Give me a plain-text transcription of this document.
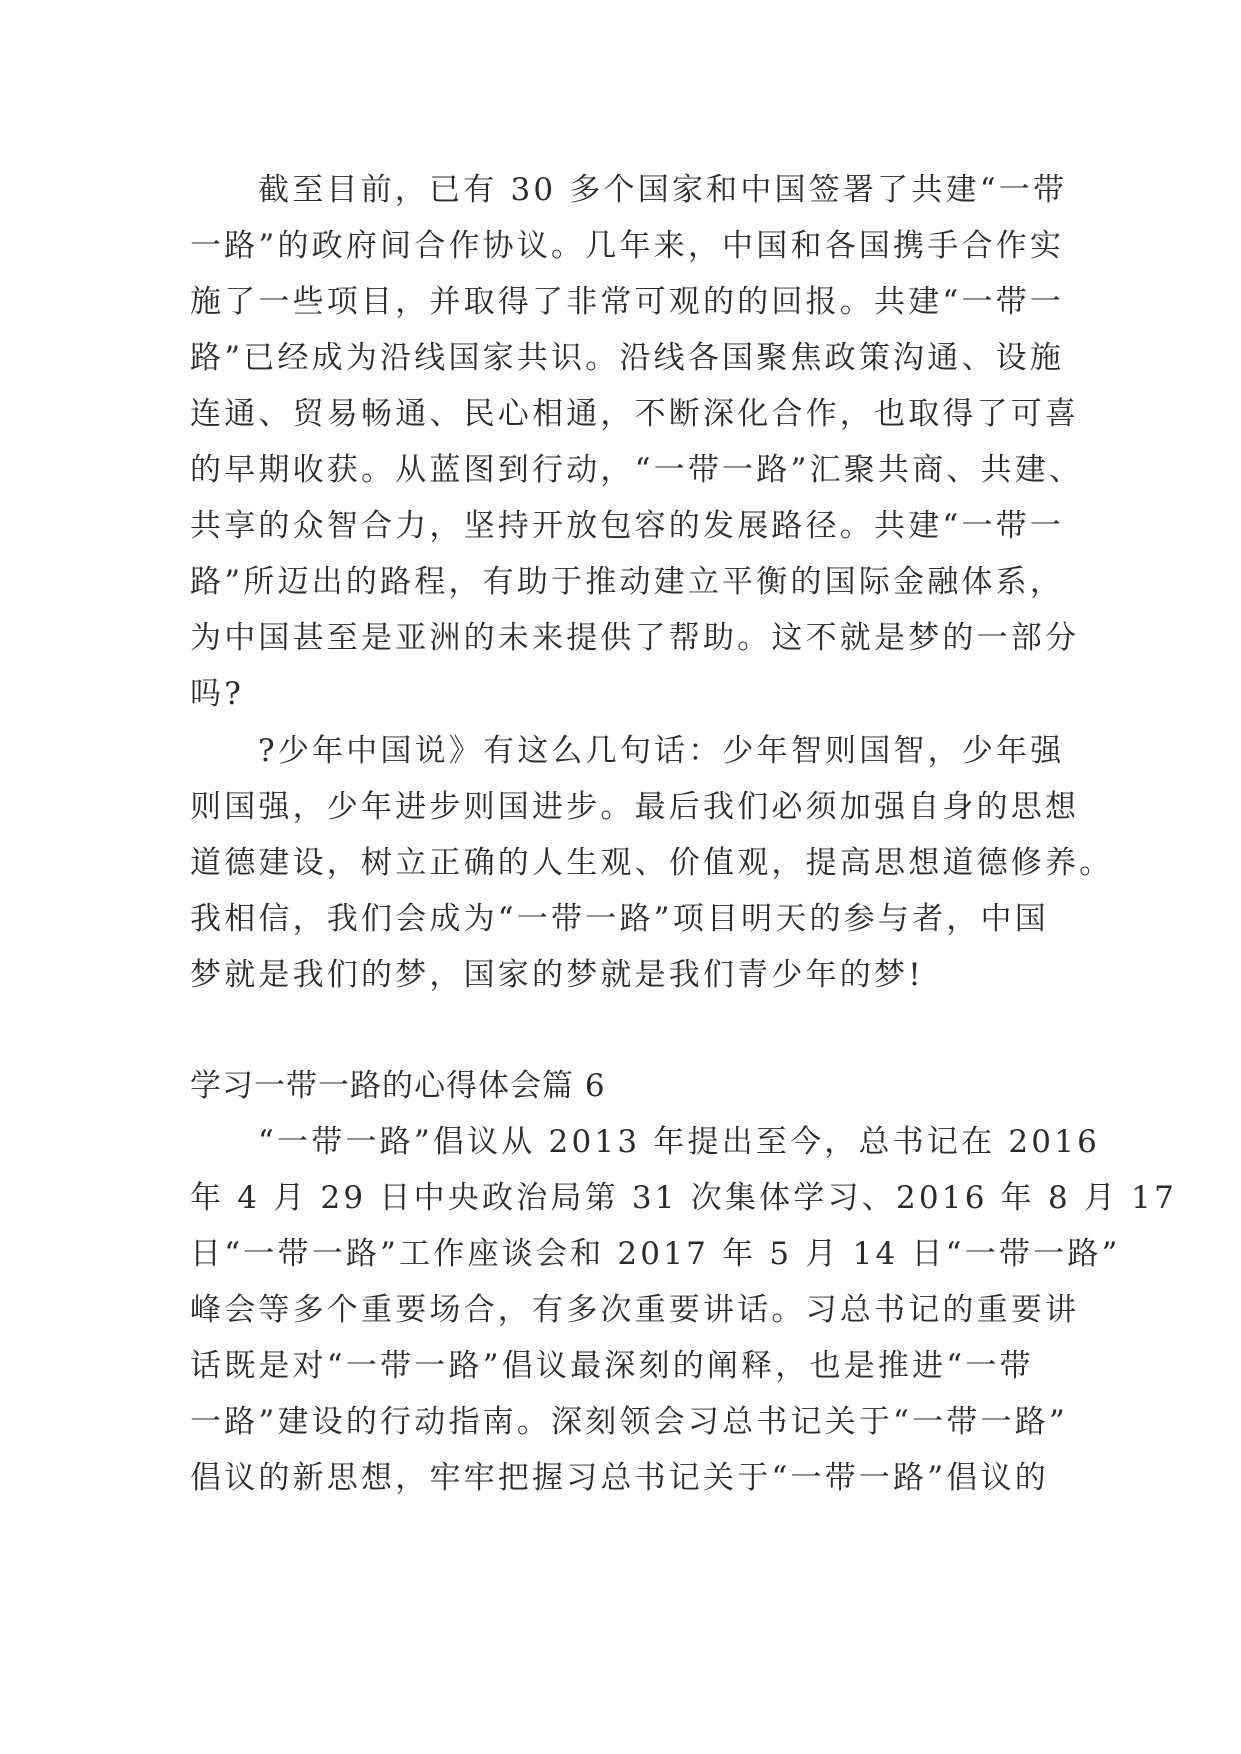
截至目前，已有 30 多个国家和中国签署了共建“一带
一路”的政府间合作协议。几年来，中国和各国携手合作实
施了一些项目，并取得了非常可观的的回报。共建“一带一
路”已经成为沿线国家共识。沿线各国聚焦政策沟通、设施
连通、贸易畅通、民心相通，不断深化合作，也取得了可喜
的早期收获。从蓝图到行动，“一带一路”汇聚共商、共建、
共享的众智合力，坚持开放包容的发展路径。共建“一带一
路”所迈出的路程，有助于推动建立平衡的国际金融体系，
为中国甚至是亚洲的未来提供了帮助。这不就是梦的一部分
吗?
?少年中国说》有这么几句话：少年智则国智，少年强
则国强，少年进步则国进步。最后我们必须加强自身的思想
道德建设，树立正确的人生观、价值观，提高思想道德修养。
我相信，我们会成为“一带一路”项目明天的参与者，中国
梦就是我们的梦，国家的梦就是我们青少年的梦!
学习一带一路的心得体会篇 6
“一带一路”倡议从 2013 年提出至今，总书记在 2016
年 4 月 29 日中央政治局第 31 次集体学习、2016 年 8 月 17
日“一带一路”工作座谈会和 2017 年 5 月 14 日“一带一路”
峰会等多个重要场合，有多次重要讲话。习总书记的重要讲
话既是对“一带一路”倡议最深刻的阐释，也是推进“一带
一路”建设的行动指南。深刻领会习总书记关于“一带一路”
倡议的新思想，牢牢把握习总书记关于“一带一路”倡议的
